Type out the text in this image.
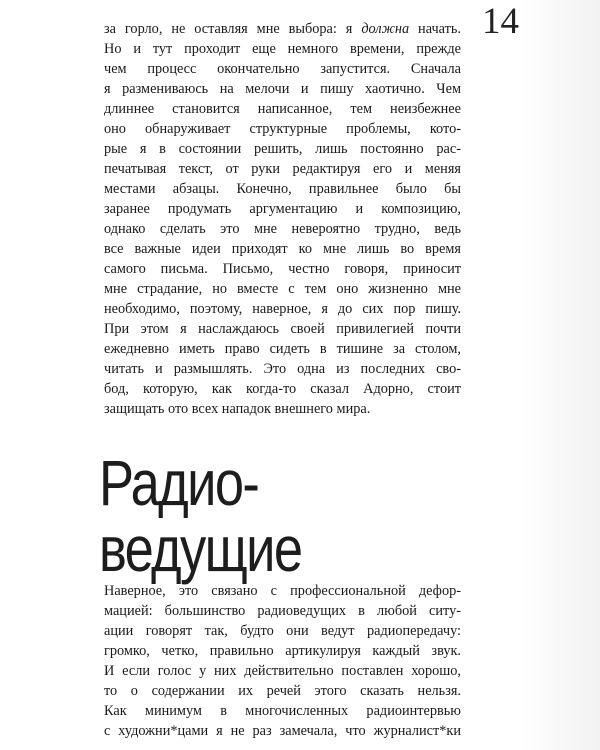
14

за горло, не оставляя мне выбора: я должна начать.
Но и тут проходит еще немного времени, прежде
чем процесс окончательно запустится. Сначала
я размениваюсь на мелочи и пишу хаотично. Чем
длиннее становится написанное, тем неизбежнее
оно обнаруживает структурные проблемы, кото-
рые я в состоянии решить, лишь постоянно рас-
печатывая текст, от руки редактируя его и меняя
местами абзацы. Конечно, правильнее было бы
заранее продумать аргументацию и композицию,
однако сделать это мне невероятно трудно, ведь
все важные идеи приходят ко мне лишь во время
самого письма. Письмо, честно говоря, приносит
мне страдание, но вместе с тем оно жизненно мне
необходимо, поэтому, наверное, я до сих пор пишу.
При этом я наслаждаюсь своей привилегией почти
ежедневно иметь право сидеть в тишине за столом,
читать и размышлять. Это одна из последних сво-
бод, которую, как когда-то сказал Адорно, стоит
защищать ото всех нападок внешнего мира.

Радио-
ведущие

Наверное, это связано с профессиональной дефор-
мацией: большинство радиоведущих в любой ситу-
ации говорят так, будто они ведут радиопередачу:
громко, четко, правильно артикулируя каждый звук.
И если голос у них действительно поставлен хорошо,
то о содержании их речей этого сказать нельзя.
Как минимум в многочисленных радиоинтервью
с художни*цами я не раз замечала, что журналист*ки
